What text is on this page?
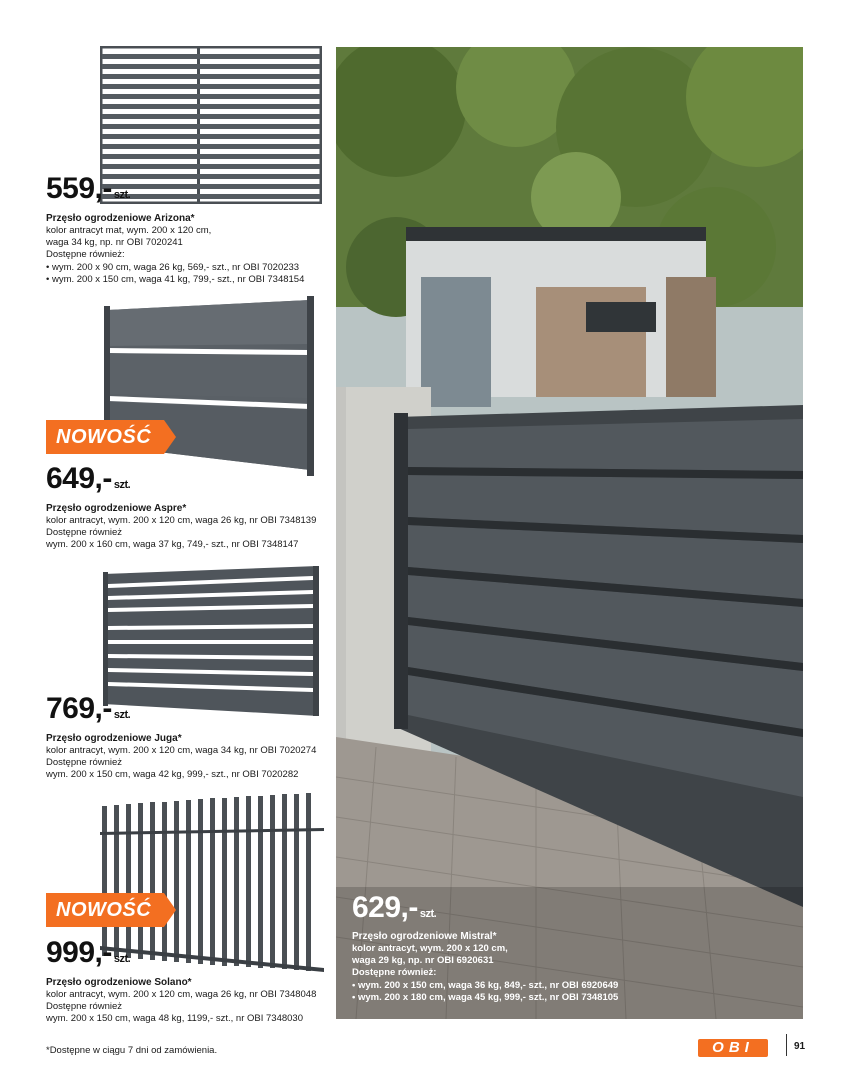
559,- szt.
Przęsło ogrodzeniowe Arizona*
kolor antracyt mat, wym. 200 x 120 cm,
waga 34 kg, np. nr OBI 7020241
Dostępne również:
• wym. 200 x 90 cm, waga 26 kg, 569,- szt., nr OBI 7020233
• wym. 200 x 150 cm, waga 41 kg, 799,- szt., nr OBI 7348154
NOWOŚĆ
649,- szt.
Przęsło ogrodzeniowe Aspre*
kolor antracyt, wym. 200 x 120 cm, waga 26 kg, nr OBI 7348139
Dostępne również
wym. 200 x 160 cm, waga 37 kg, 749,- szt., nr OBI 7348147
769,- szt.
Przęsło ogrodzeniowe Juga*
kolor antracyt, wym. 200 x 120 cm, waga 34 kg, nr OBI 7020274
Dostępne również
wym. 200 x 150 cm, waga 42 kg, 999,- szt., nr OBI 7020282
NOWOŚĆ
999,- szt.
Przęsło ogrodzeniowe Solano*
kolor antracyt, wym. 200 x 120 cm, waga 26 kg, nr OBI 7348048
Dostępne również
wym. 200 x 150 cm, waga 48 kg, 1199,- szt., nr OBI 7348030
629,- szt.
Przęsło ogrodzeniowe Mistral*
kolor antracyt, wym. 200 x 120 cm,
waga 29 kg, np. nr OBI 6920631
Dostępne również:
• wym. 200 x 150 cm, waga 36 kg, 849,- szt., nr OBI 6920649
• wym. 200 x 180 cm, waga 45 kg, 999,- szt., nr OBI 7348105
*Dostępne w ciągu 7 dni od zamówienia.	OBI	91
